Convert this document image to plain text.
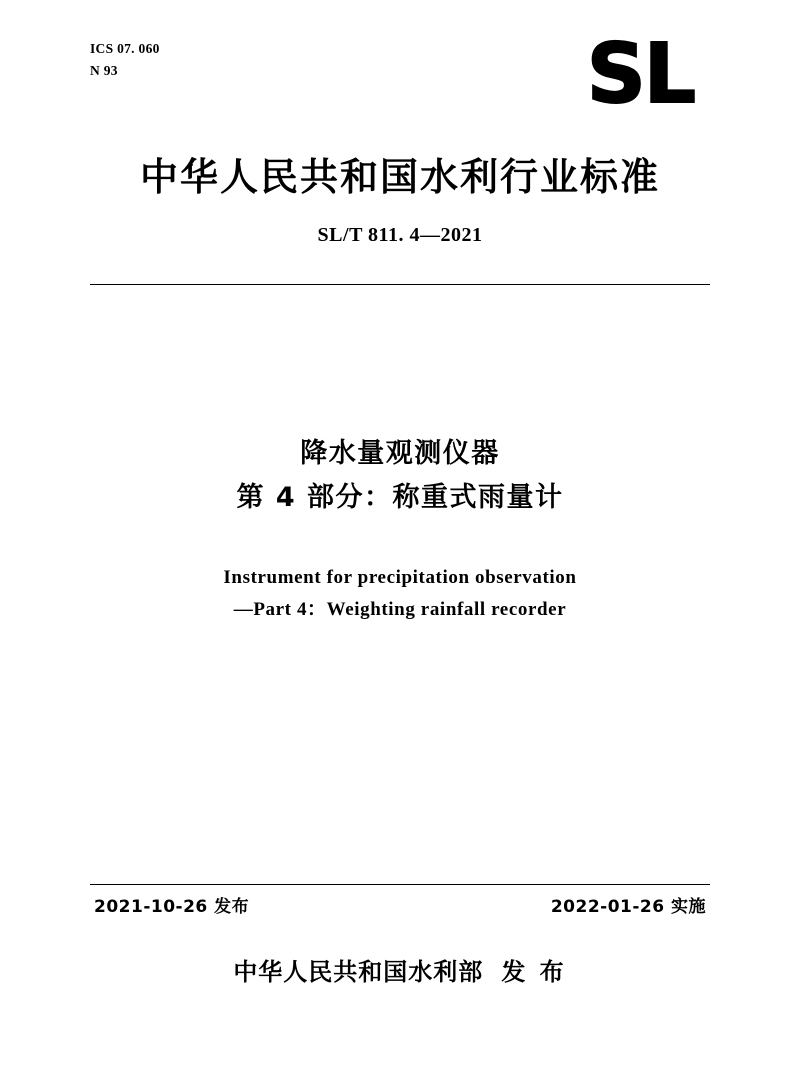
ICS 07. 060
N 93	SL
中华人民共和国水利行业标准
SL/T 811. 4—2021
降水量观测仪器
第 4 部分：称重式雨量计
Instrument for precipitation observation
—Part 4：Weighting rainfall recorder
2021-10-26 发布	2022-01-26 实施
中华人民共和国水利部 发 布
